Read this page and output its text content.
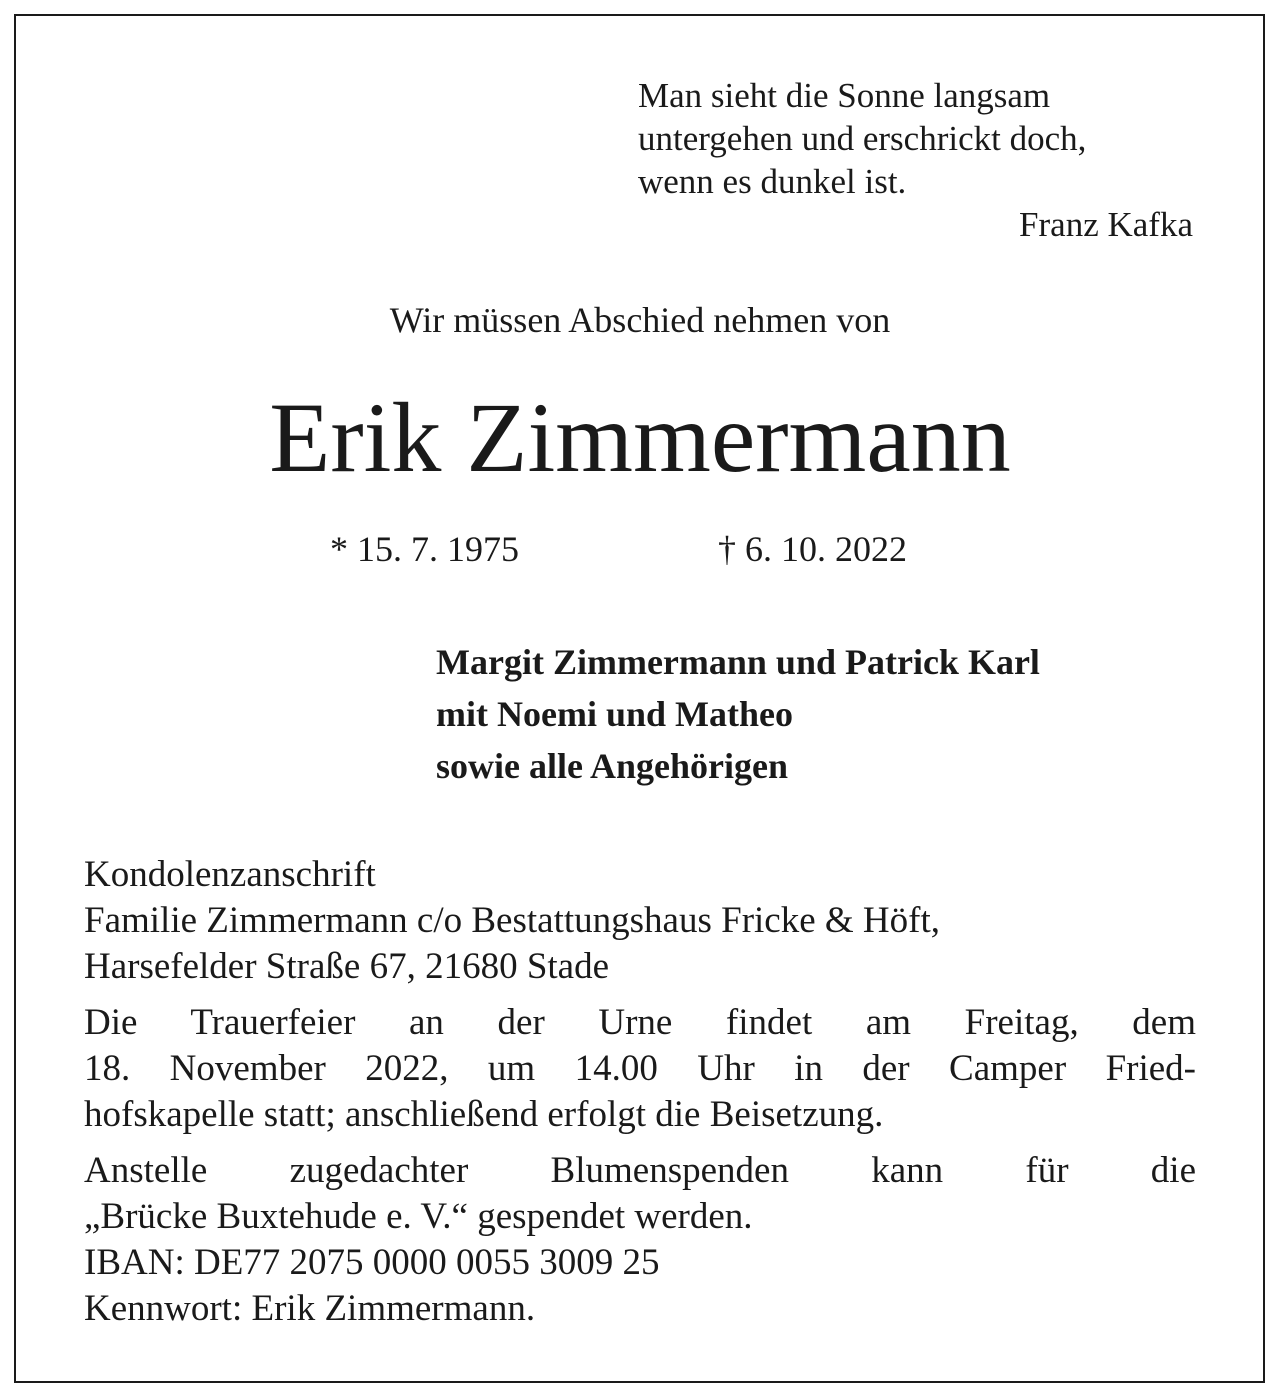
Man sieht die Sonne langsam
untergehen und erschrickt doch,
wenn es dunkel ist.
Franz Kafka
Wir müssen Abschied nehmen von
Erik Zimmermann
* 15. 7. 1975	† 6. 10. 2022
Margit Zimmermann und Patrick Karl
mit Noemi und Matheo
sowie alle Angehörigen
Kondolenzanschrift
Familie Zimmermann c/o Bestattungshaus Fricke & Höft,
Harsefelder Straße 67, 21680 Stade
Die Trauerfeier an der Urne findet am Freitag, dem
18. November 2022, um 14.00 Uhr in der Camper Fried-
hofskapelle statt; anschließend erfolgt die Beisetzung.
Anstelle zugedachter Blumenspenden kann für die
„Brücke Buxtehude e. V.“ gespendet werden.
IBAN: DE77 2075 0000 0055 3009 25
Kennwort: Erik Zimmermann.
